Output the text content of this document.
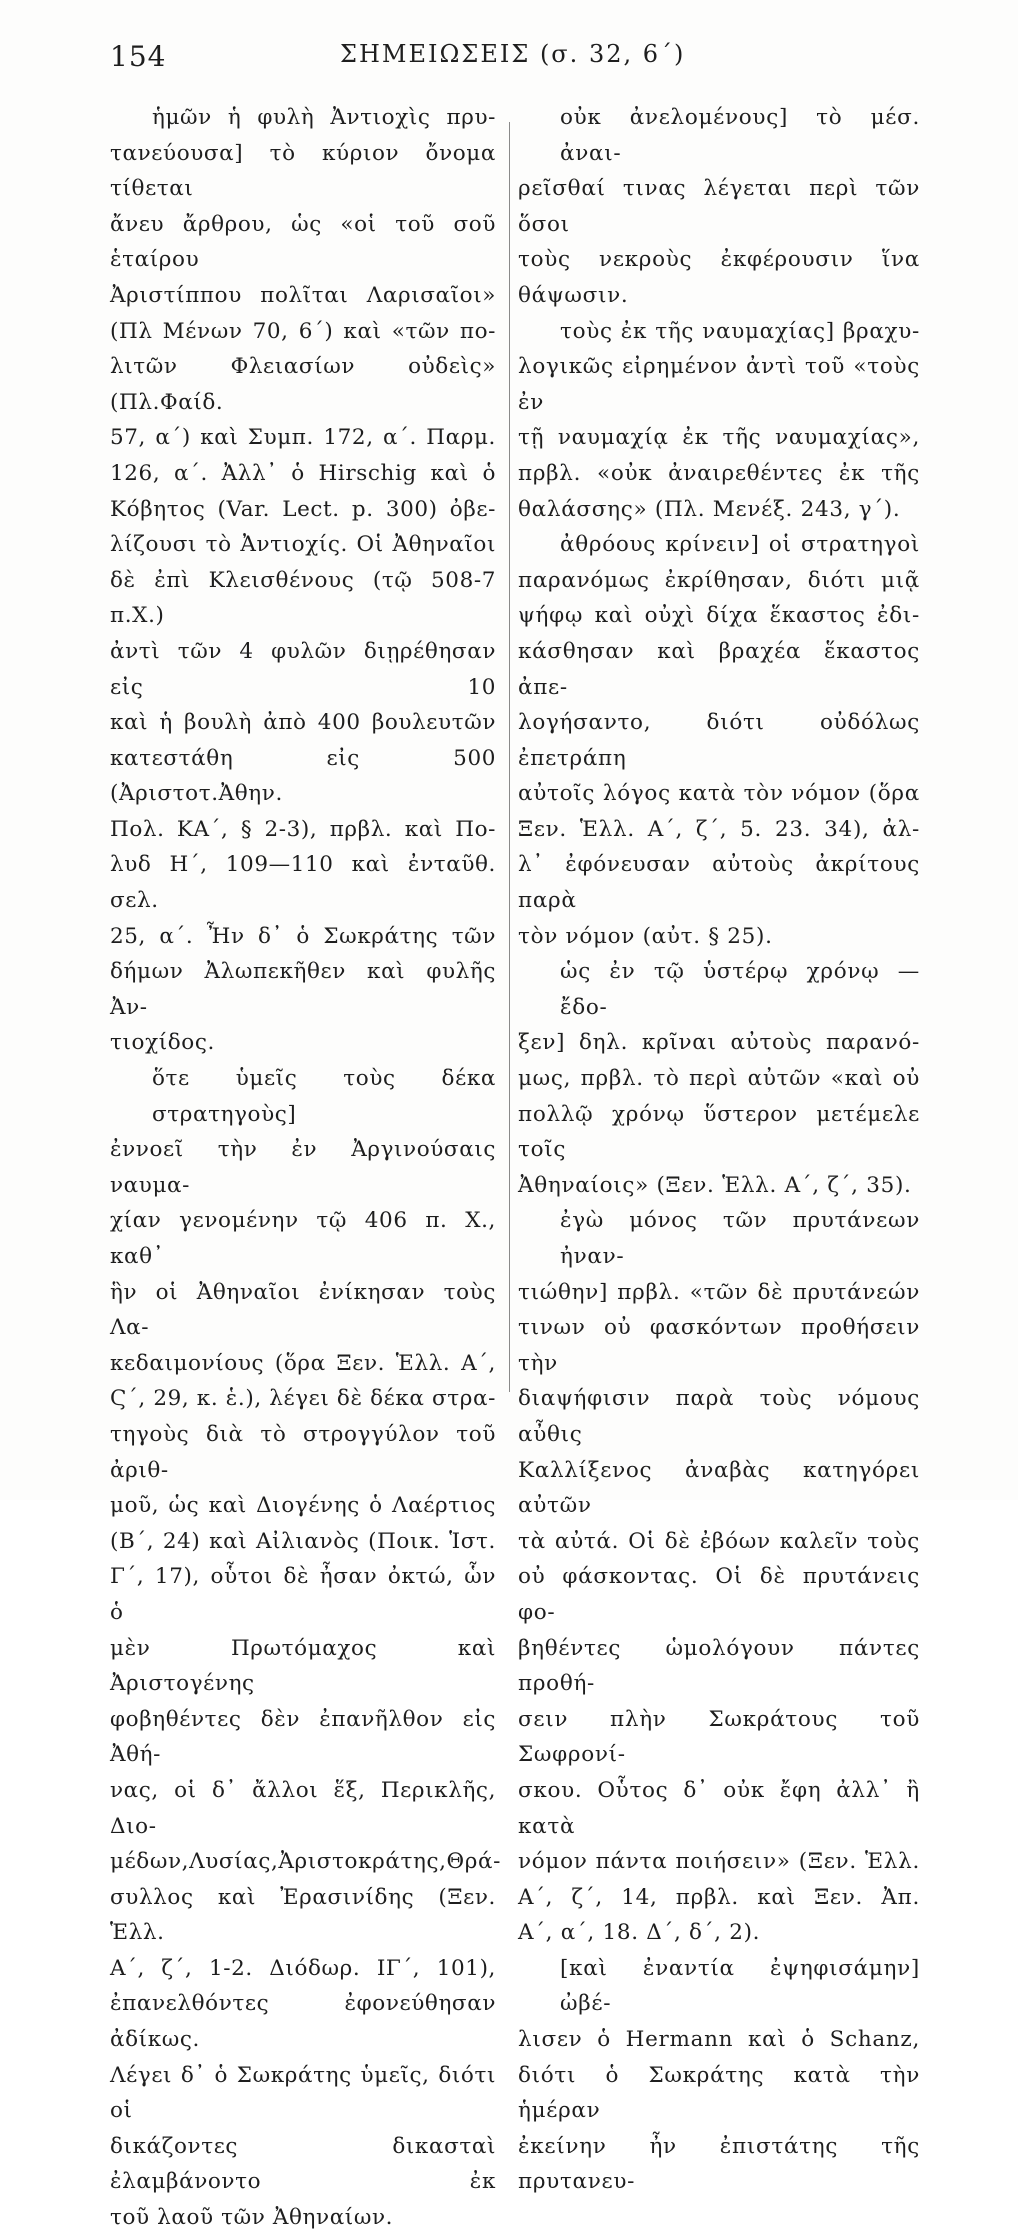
154	ΣΗΜΕΙΩΣΕΙΣ (σ. 32, 6΄)
ἡμῶν ἡ φυλὴ Ἀντιοχὶς πρυ-
τανεύουσα] τὸ κύριον ὄνομα τίθεται
ἄνευ ἄρθρου, ὡς «οἱ τοῦ σοῦ ἑταίρου
Ἀριστίππου πολῖται Λαρισαῖοι»
(Πλ Μένων 70, 6΄) καὶ «τῶν πο-
λιτῶν Φλειασίων οὐδεὶς» (Πλ.Φαίδ.
57, α΄) καὶ Συμπ. 172, α΄. Παρμ.
126, α΄. Ἀλλ᾽ ὁ Hirschig καὶ ὁ
Κόβητος (Var. Lect. p. 300) ὀβε-
λίζουσι τὸ Ἀντιοχίς. Οἱ Ἀθηναῖοι
δὲ ἐπὶ Κλεισθένους (τῷ 508-7 π.Χ.)
ἀντὶ τῶν 4 φυλῶν διῃρέθησαν εἰς 10
καὶ ἡ βουλὴ ἀπὸ 400 βουλευτῶν
κατεστάθη εἰς 500 (Ἀριστοτ.Ἀθην.
Πολ. ΚΑ΄, § 2-3), πρβλ. καὶ Πο-
λυδ Η΄, 109—110 καὶ ἐνταῦθ. σελ.
25, α΄. Ἦν δ᾽ ὁ Σωκράτης τῶν
δήμων Ἀλωπεκῆθεν καὶ φυλῆς Ἀν-
τιοχίδος.
ὅτε ὑμεῖς τοὺς δέκα στρατηγοὺς]
ἐννοεῖ τὴν ἐν Ἀργινούσαις ναυμα-
χίαν γενομένην τῷ 406 π. Χ., καθ᾽
ἣν οἱ Ἀθηναῖοι ἐνίκησαν τοὺς Λα-
κεδαιμονίους (ὅρα Ξεν. Ἑλλ. Α΄,
Ϛ΄, 29, κ. ἑ.), λέγει δὲ δέκα στρα-
τηγοὺς διὰ τὸ στρογγύλον τοῦ ἀριθ-
μοῦ, ὡς καὶ Διογένης ὁ Λαέρτιος
(Β΄, 24) καὶ Αἰλιανὸς (Ποικ. Ἱστ.
Γ΄, 17), οὗτοι δὲ ἦσαν ὀκτώ, ὧν ὁ
μὲν Πρωτόμαχος καὶ Ἀριστογένης
φοβηθέντες δὲν ἐπανῆλθον εἰς Ἀθή-
νας, οἱ δ᾽ ἄλλοι ἕξ, Περικλῆς, Διο-
μέδων,Λυσίας,Ἀριστοκράτης,Θρά-
συλλος καὶ Ἐρασινίδης (Ξεν. Ἑλλ.
Α΄, ζ΄, 1-2. Διόδωρ. ΙΓ΄, 101),
ἐπανελθόντες ἐφονεύθησαν ἀδίκως.
Λέγει δ᾽ ὁ Σωκράτης ὑμεῖς, διότι οἱ
δικάζοντες δικασταὶ ἐλαμβάνοντο ἐκ
τοῦ λαοῦ τῶν Ἀθηναίων.
οὐκ ἀνελομένους] τὸ μέσ. ἀναι-
ρεῖσθαί τινας λέγεται περὶ τῶν ὅσοι
τοὺς νεκροὺς ἐκφέρουσιν ἵνα θάψωσιν.
τοὺς ἐκ τῆς ναυμαχίας] βραχυ-
λογικῶς εἰρημένον ἀντὶ τοῦ «τοὺς ἐν
τῇ ναυμαχίᾳ ἐκ τῆς ναυμαχίας»,
πρβλ. «οὐκ ἀναιρεθέντες ἐκ τῆς
θαλάσσης» (Πλ. Μενέξ. 243, γ΄).
ἀθρόους κρίνειν] οἱ στρατηγοὶ
παρανόμως ἐκρίθησαν, διότι μιᾷ
ψήφῳ καὶ οὐχὶ δίχα ἕκαστος ἐδι-
κάσθησαν καὶ βραχέα ἕκαστος ἀπε-
λογήσαντο, διότι οὐδόλως ἐπετράπη
αὐτοῖς λόγος κατὰ τὸν νόμον (ὅρα
Ξεν. Ἑλλ. Α΄, ζ΄, 5. 23. 34), ἀλ-
λ᾽ ἐφόνευσαν αὐτοὺς ἀκρίτους παρὰ
τὸν νόμον (αὐτ. § 25).
ὡς ἐν τῷ ὑστέρῳ χρόνῳ — ἔδο-
ξεν] δηλ. κρῖναι αὐτοὺς παρανό-
μως, πρβλ. τὸ περὶ αὐτῶν «καὶ οὐ
πολλῷ χρόνῳ ὕστερον μετέμελε τοῖς
Ἀθηναίοις» (Ξεν. Ἑλλ. Α΄, ζ΄, 35).
ἐγὼ μόνος τῶν πρυτάνεων ἠναν-
τιώθην] πρβλ. «τῶν δὲ πρυτάνεών
τινων οὐ φασκόντων προθήσειν τὴν
διαψήφισιν παρὰ τοὺς νόμους αὖθις
Καλλίξενος ἀναβὰς κατηγόρει αὐτῶν
τὰ αὐτά. Οἱ δὲ ἐβόων καλεῖν τοὺς
οὐ φάσκοντας. Οἱ δὲ πρυτάνεις φο-
βηθέντες ὡμολόγουν πάντες προθή-
σειν πλὴν Σωκράτους τοῦ Σωφρονί-
σκου. Οὗτος δ᾽ οὐκ ἔφη ἀλλ᾽ ἢ κατὰ
νόμον πάντα ποιήσειν» (Ξεν. Ἑλλ.
Α΄, ζ΄, 14, πρβλ. καὶ Ξεν. Ἀπ.
Α΄, α΄, 18. Δ΄, δ΄, 2).
[καὶ ἐναντία ἐψηφισάμην] ὠβέ-
λισεν ὁ Hermann καὶ ὁ Schanz,
διότι ὁ Σωκράτης κατὰ τὴν ἡμέραν
ἐκείνην ἦν ἐπιστάτης τῆς πρυτανευ-
